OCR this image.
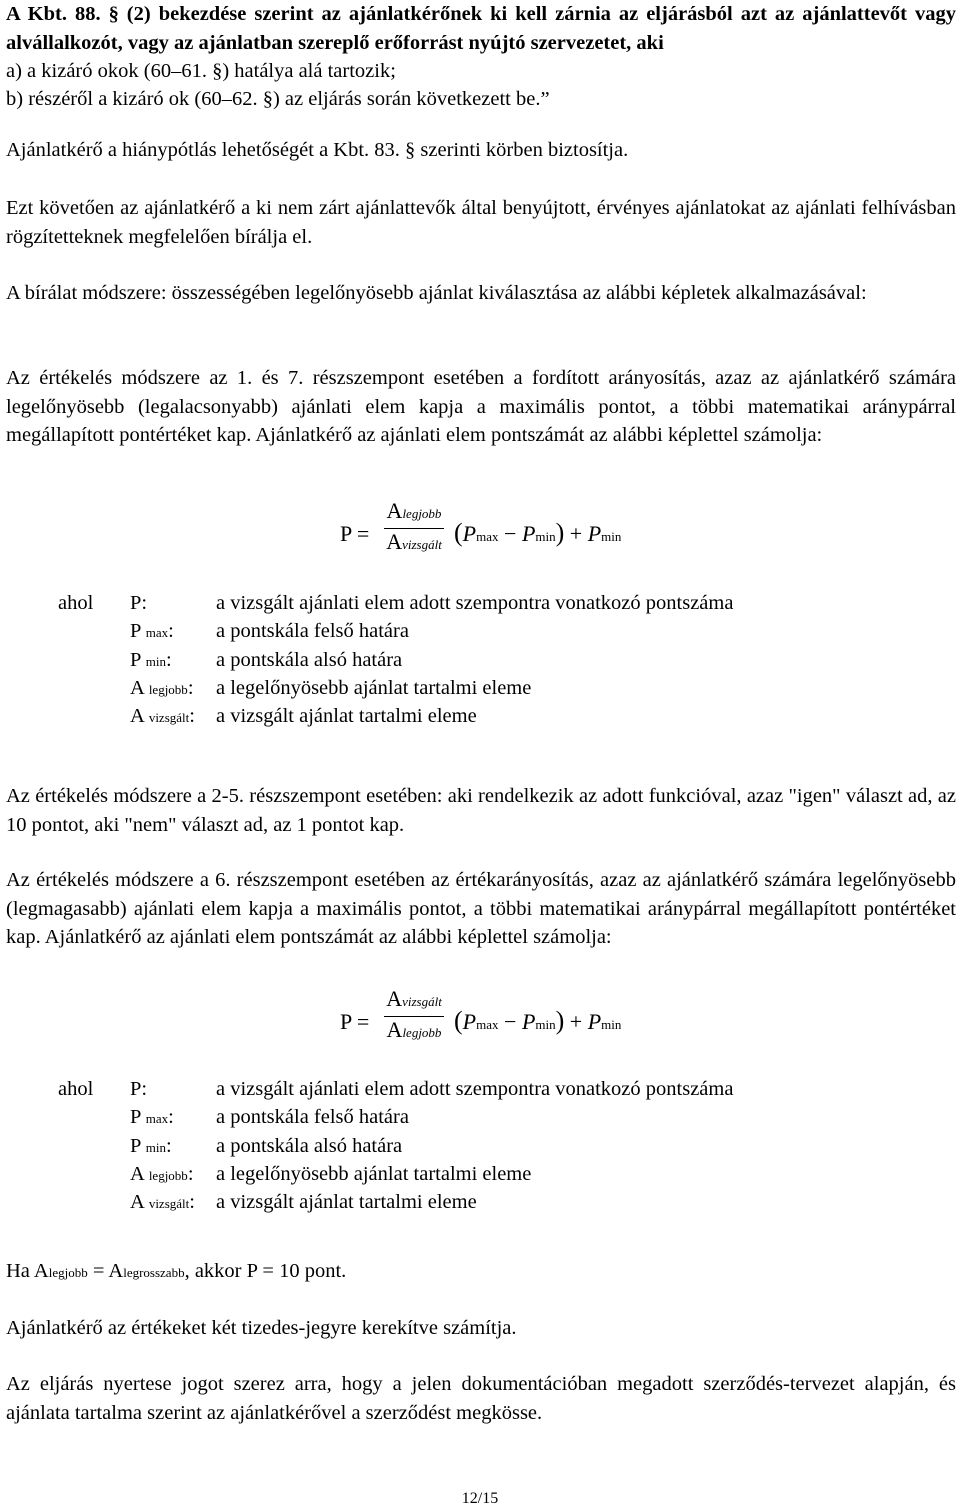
A Kbt. 88. § (2) bekezdése szerint az ajánlatkérőnek ki kell zárnia az eljárásból azt az ajánlattevőt vagy alvállalkozót, vagy az ajánlatban szereplő erőforrást nyújtó szervezetet, aki

a) a kizáró okok (60–61. §) hatálya alá tartozik;

b) részéről a kizáró ok (60–62. §) az eljárás során következett be.”

Ajánlatkérő a hiánypótlás lehetőségét a Kbt. 83. § szerinti körben biztosítja.

Ezt követően az ajánlatkérő a ki nem zárt ajánlattevők által benyújtott, érvényes ajánlatokat az ajánlati felhívásban rögzítetteknek megfelelően bírálja el.

A bírálat módszere: összességében legelőnyösebb ajánlat kiválasztása az alábbi képletek alkalmazásával:

Az értékelés módszere az 1. és 7. részszempont esetében a fordított arányosítás, azaz az ajánlatkérő számára legelőnyösebb (legalacsonyabb) ajánlati elem kapja a maximális pontot, a többi matematikai aránypárral megállapított pontértéket kap. Ajánlatkérő az ajánlati elem pontszámát az alábbi képlettel számolja:

P =
Alegjobb
Avizsgált (Pmax − Pmin) + Pmin
ahol P:	a vizsgált ajánlati elem adott szempontra vonatkozó pontszáma
P max: a pontskála felső határa
P min: a pontskála alsó határa
A legjobb: a legelőnyösebb ajánlat tartalmi eleme
A vizsgált: a vizsgált ajánlat tartalmi eleme

Az értékelés módszere a 2-5. részszempont esetében: aki rendelkezik az adott funkcióval, azaz "igen" választ ad, az 10 pontot, aki "nem" választ ad, az 1 pontot kap.

Az értékelés módszere a 6. részszempont esetében az értékarányosítás, azaz az ajánlatkérő számára legelőnyösebb (legmagasabb) ajánlati elem kapja a maximális pontot, a többi matematikai aránypárral megállapított pontértéket kap. Ajánlatkérő az ajánlati elem pontszámát az alábbi képlettel számolja:

P =
Avizsgált
Alegjobb (Pmax − Pmin) + Pmin
ahol P:	a vizsgált ajánlati elem adott szempontra vonatkozó pontszáma
P max: a pontskála felső határa
P min: a pontskála alsó határa
A legjobb: a legelőnyösebb ajánlat tartalmi eleme
A vizsgált: a vizsgált ajánlat tartalmi eleme

Ha Alegjobb = Alegrosszabb, akkor P = 10 pont.

Ajánlatkérő az értékeket két tizedes-jegyre kerekítve számítja.

Az eljárás nyertese jogot szerez arra, hogy a jelen dokumentációban megadott szerződés-tervezet alapján, és ajánlata tartalma szerint az ajánlatkérővel a szerződést megkösse.

12/15
